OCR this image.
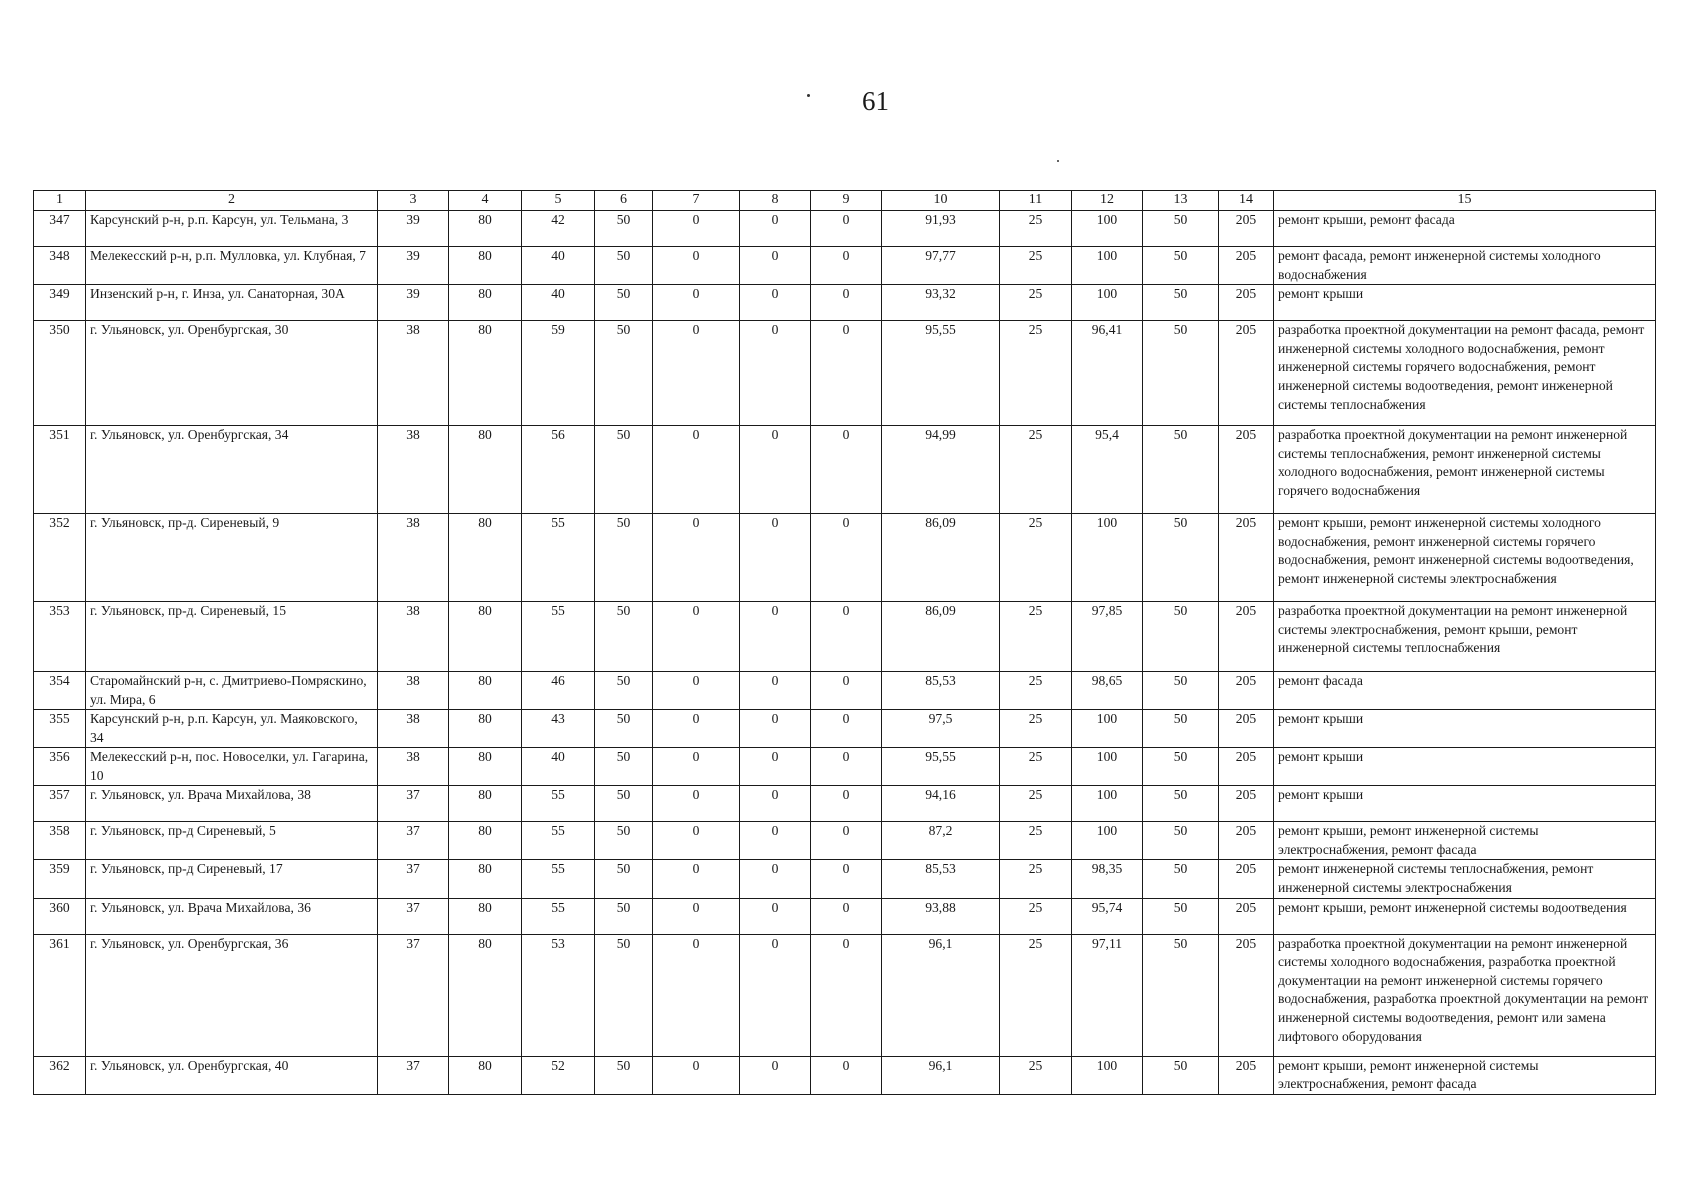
61
1	2	3	4	5	6	7	8	9	10	11	12	13	14	15
347	Карсунский р-н, р.п. Карсун, ул. Тельмана, 3	39	80	42	50	0	0	0	91,93	25	100	50	205	ремонт крыши, ремонт фасада
348	Мелекесский р-н, р.п. Мулловка, ул. Клубная, 7	39	80	40	50	0	0	0	97,77	25	100	50	205	ремонт фасада, ремонт инженерной системы холодного водоснабжения
349	Инзенский р-н, г. Инза, ул. Санаторная, 30А	39	80	40	50	0	0	0	93,32	25	100	50	205	ремонт крыши
350	г. Ульяновск, ул. Оренбургская, 30	38	80	59	50	0	0	0	95,55	25	96,41	50	205	разработка проектной документации на ремонт фасада, ремонт инженерной системы холодного водоснабжения, ремонт инженерной системы горячего водоснабжения, ремонт инженерной системы водоотведения, ремонт инженерной системы теплоснабжения
351	г. Ульяновск, ул. Оренбургская, 34	38	80	56	50	0	0	0	94,99	25	95,4	50	205	разработка проектной документации на ремонт инженерной системы теплоснабжения, ремонт инженерной системы холодного водоснабжения, ремонт инженерной системы горячего водоснабжения
352	г. Ульяновск, пр-д. Сиреневый, 9	38	80	55	50	0	0	0	86,09	25	100	50	205	ремонт крыши, ремонт инженерной системы холодного водоснабжения, ремонт инженерной системы горячего водоснабжения, ремонт инженерной системы водоотведения, ремонт инженерной системы электроснабжения
353	г. Ульяновск, пр-д. Сиреневый, 15	38	80	55	50	0	0	0	86,09	25	97,85	50	205	разработка проектной документации на ремонт инженерной системы электроснабжения, ремонт крыши, ремонт инженерной системы теплоснабжения
354	Старомайнский р-н, с. Дмитриево-Помряскино, ул. Мира, 6	38	80	46	50	0	0	0	85,53	25	98,65	50	205	ремонт фасада
355	Карсунский р-н, р.п. Карсун, ул. Маяковского, 34	38	80	43	50	0	0	0	97,5	25	100	50	205	ремонт крыши
356	Мелекесский р-н, пос. Новоселки, ул. Гагарина, 10	38	80	40	50	0	0	0	95,55	25	100	50	205	ремонт крыши
357	г. Ульяновск, ул. Врача Михайлова, 38	37	80	55	50	0	0	0	94,16	25	100	50	205	ремонт крыши
358	г. Ульяновск, пр-д Сиреневый, 5	37	80	55	50	0	0	0	87,2	25	100	50	205	ремонт крыши, ремонт инженерной системы электроснабжения, ремонт фасада
359	г. Ульяновск, пр-д Сиреневый, 17	37	80	55	50	0	0	0	85,53	25	98,35	50	205	ремонт инженерной системы теплоснабжения, ремонт инженерной системы электроснабжения
360	г. Ульяновск, ул. Врача Михайлова, 36	37	80	55	50	0	0	0	93,88	25	95,74	50	205	ремонт крыши, ремонт инженерной системы водоотведения
361	г. Ульяновск, ул. Оренбургская, 36	37	80	53	50	0	0	0	96,1	25	97,11	50	205	разработка проектной документации на ремонт инженерной системы холодного водоснабжения, разработка проектной документации на ремонт инженерной системы горячего водоснабжения, разработка проектной документации на ремонт инженерной системы водоотведения, ремонт или замена лифтового оборудования
362	г. Ульяновск, ул. Оренбургская, 40	37	80	52	50	0	0	0	96,1	25	100	50	205	ремонт крыши, ремонт инженерной системы электроснабжения, ремонт фасада
